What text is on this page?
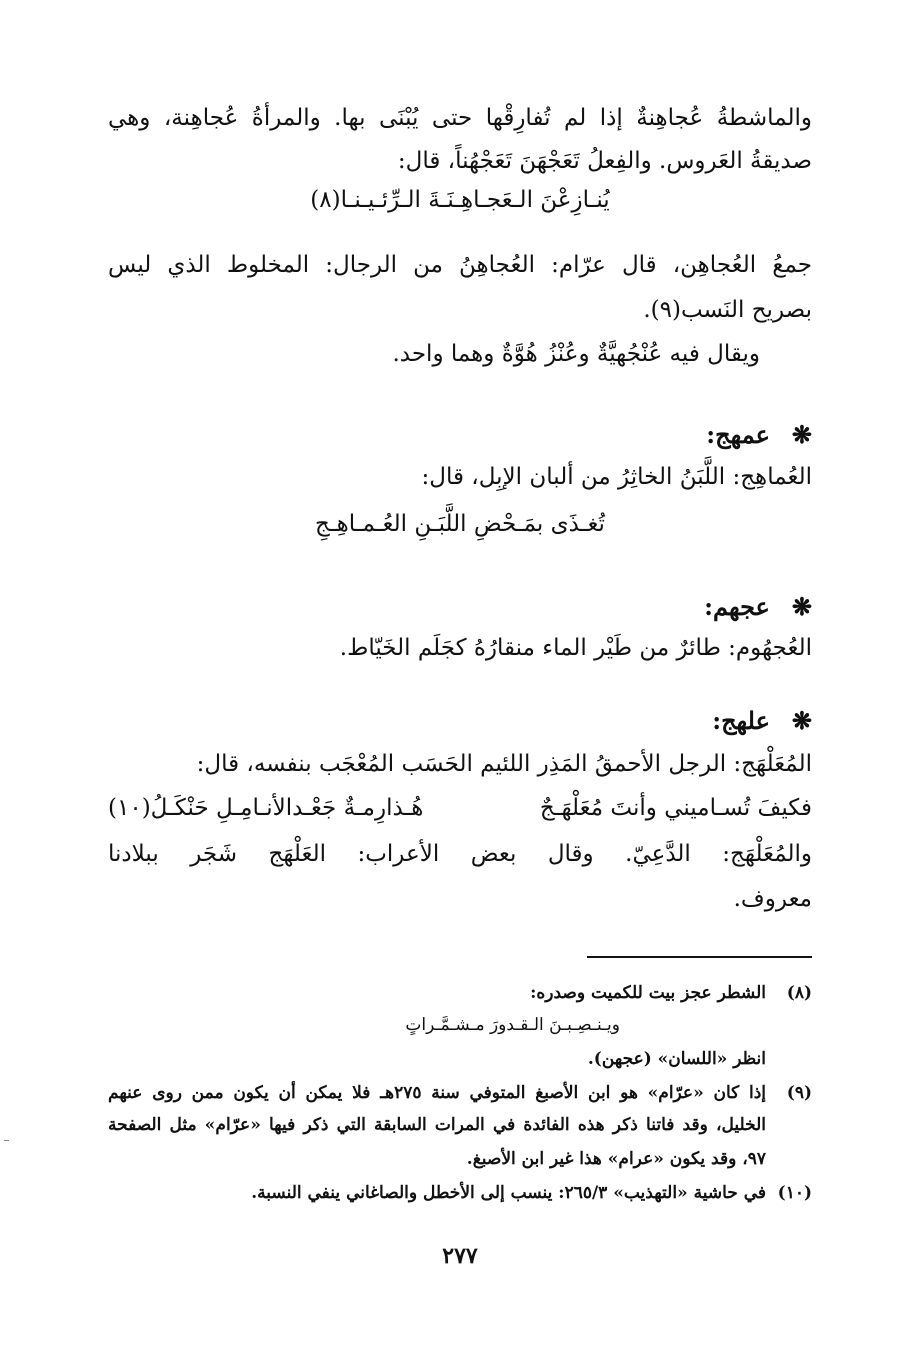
والماشطةُ عُجاهِنةٌ إذا لم تُفارِقْها حتى يُبْنَى بها. والمرأةُ عُجاهِنة، وهي
صديقةُ العَروس. والفِعلُ تَعَجْهَنَ تَعَجْهُناً، قال:
يُنـازِعْنَ الـعَجـاهِـنَـةَ الـرِّئـيـنـا(٨)
جمعُ العُجاهِن، قال عرّام: العُجاهِنُ من الرجال: المخلوط الذي ليس
بصريح النَسب(٩).
ويقال فيه عُنْجُهيَّةٌ وعُنْزُ هُوَّةٌ وهما واحد.
❋عمهج:
العُماهِج: اللَّبَنُ الخاثِرُ من ألبان الإبِل، قال:
تُغـذَى بمَـحْضِ اللَّبَـنِ العُـمـاهِـجِ
❋عجهم:
العُجهُوم: طائرٌ من طَيْر الماء منقارُهُ كجَلَم الخَيّاط.
❋علهج:
المُعَلْهَج: الرجل الأحمقُ المَذِر اللئيم الحَسَب المُعْجَب بنفسه، قال:
فكيفَ تُسـاميني وأنتَ مُعَلْهَـجٌ
هُـذارِمـةٌ جَعْـدالأنـامِـلِ حَنْكَـلُ(١٠)
والمُعَلْهَج: الدَّعِيّ. وقال بعض الأعراب: العَلْهَج شَجَر ببلادنا
معروف.
(٨)الشطر عجز بيت للكميت وصدره:
ويـنـصِـبـنَ الـقـدورَ مـشـمَّـراتٍ
انظر «اللسان» (عجهن).
(٩)إذا كان «عرّام» هو ابن الأصبغ المتوفي سنة ٢٧٥هـ فلا يمكن أن يكون ممن روى عنهم
الخليل، وقد فاتنا ذكر هذه الفائدة في المرات السابقة التي ذكر فيها «عرّام» مثل الصفحة
٩٧، وقد يكون «عرام» هذا غير ابن الأصبغ.
(١٠)في حاشية «التهذيب» ٢٦٥/٣: ينسب إلى الأخطل والصاغاني ينفي النسبة.
٢٧٧
